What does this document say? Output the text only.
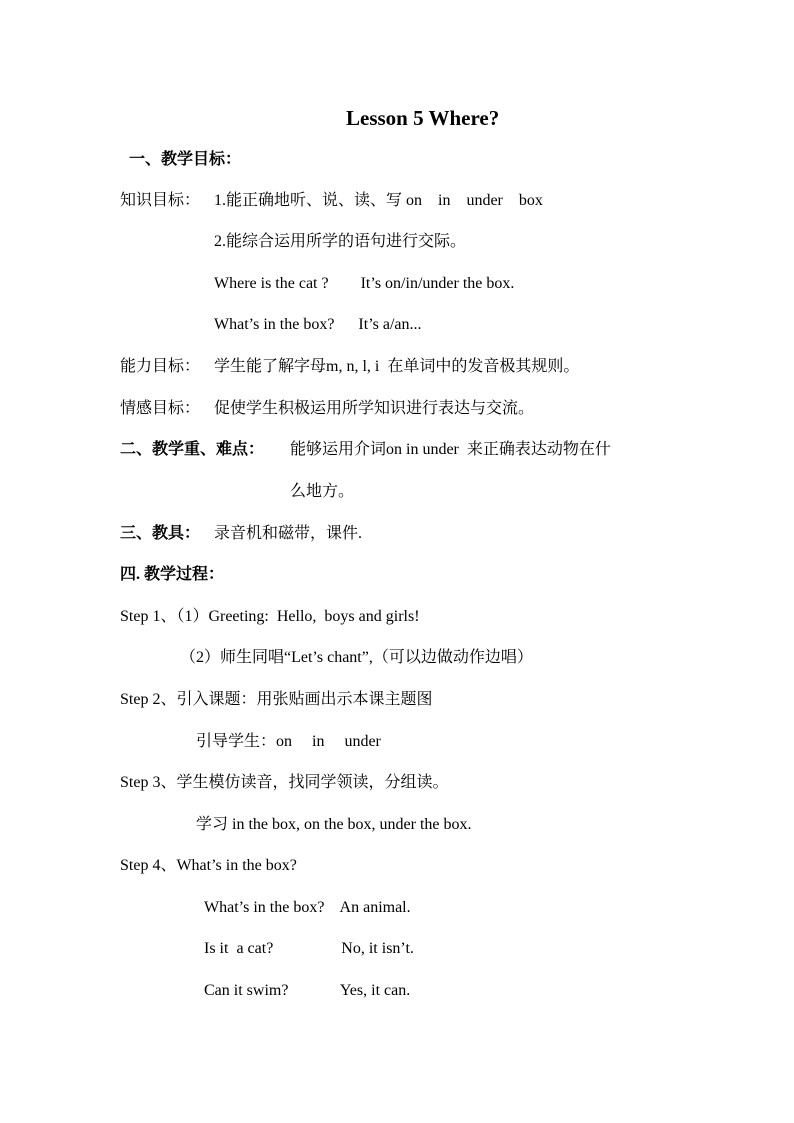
Lesson 5 Where?
一、教学目标：
知识目标： 1.能正确地听、说、读、写 on    in    under    box
2.能综合运用所学的语句进行交际。
Where is the cat ?        It’s on/in/under the box.
What’s in the box?      It’s a/an...
能力目标： 学生能了解字母m, n, l, i  在单词中的发音极其规则。
情感目标： 促使学生积极运用所学知识进行表达与交流。
二、教学重、难点： 能够运用介词on in under  来正确表达动物在什
么地方。
三、教具： 录音机和磁带，课件.
四. 教学过程：
Step 1、（1）Greeting:  Hello,  boys and girls!
（2）师生同唱“Let’s chant”,（可以边做动作边唱）
Step 2、引入课题：用张贴画出示本课主题图
引导学生：on     in     under
Step 3、学生模仿读音，找同学领读，分组读。
学习 in the box, on the box, under the box.
Step 4、What’s in the box?
What’s in the box?    An animal.
Is it  a cat?                 No, it isn’t.
Can it swim?             Yes, it can.
